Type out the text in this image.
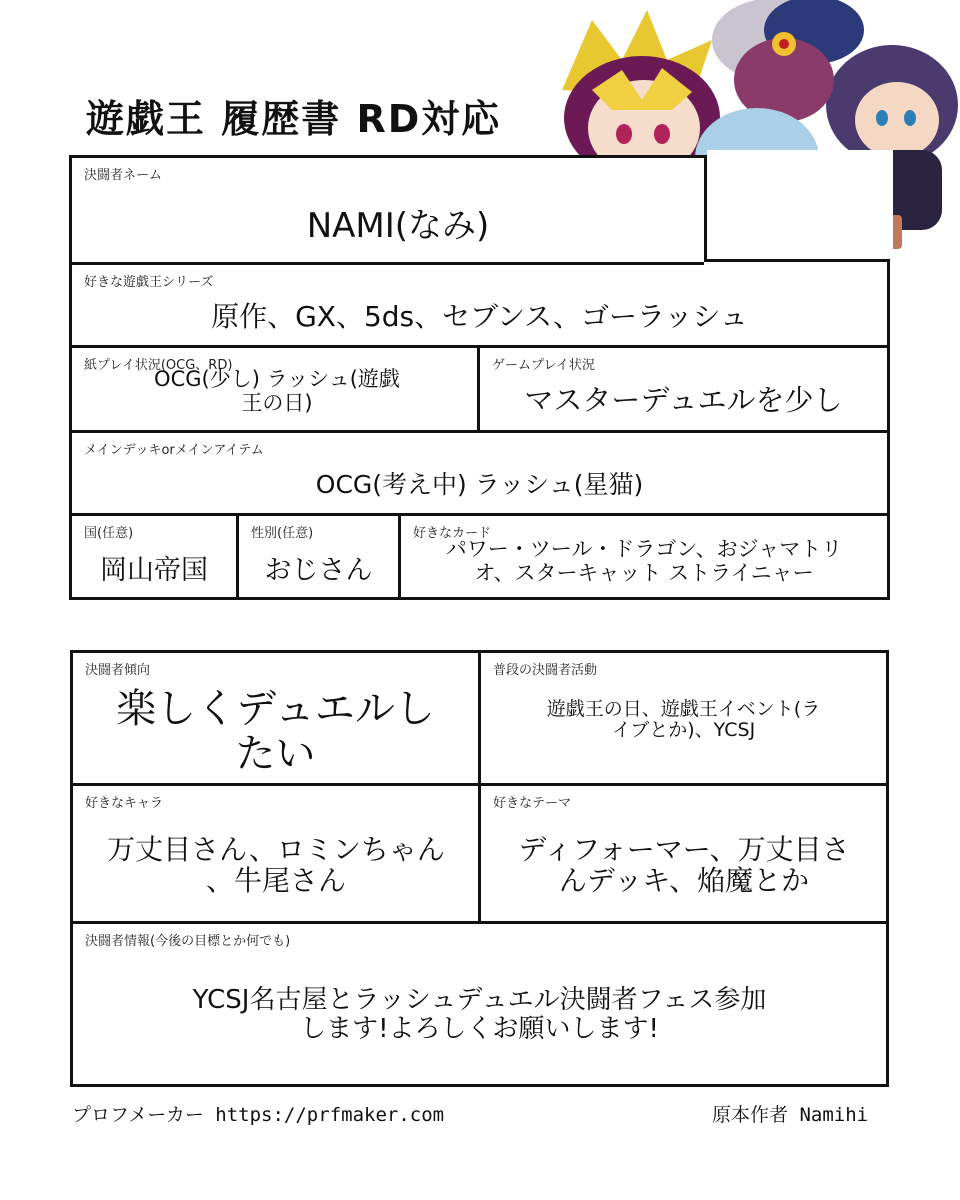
遊戯王 履歴書 RD対応
決闘者ネーム
NAMI(なみ)
好きな遊戯王シリーズ
原作、GX、5ds、セブンス、ゴーラッシュ
紙プレイ状況(OCG、RD)
OCG(少し) ラッシュ(遊戯
王の日)
ゲームプレイ状況
マスターデュエルを少し
メインデッキorメインアイテム
OCG(考え中) ラッシュ(星猫)
国(任意)
岡山帝国
性別(任意)
おじさん
好きなカード
パワー・ツール・ドラゴン、おジャマトリ
オ、スターキャット ストライニャー
決闘者傾向
楽しくデュエルし
たい
普段の決闘者活動
遊戯王の日、遊戯王イベント(ラ
イブとか)、YCSJ
好きなキャラ
万丈目さん、ロミンちゃん
、牛尾さん
好きなテーマ
ディフォーマー、万丈目さ
んデッキ、焔魔とか
決闘者情報(今後の目標とか何でも)
YCSJ名古屋とラッシュデュエル決闘者フェス参加
します!よろしくお願いします!
プロフメーカー https://prfmaker.com	原本作者 Namihi
